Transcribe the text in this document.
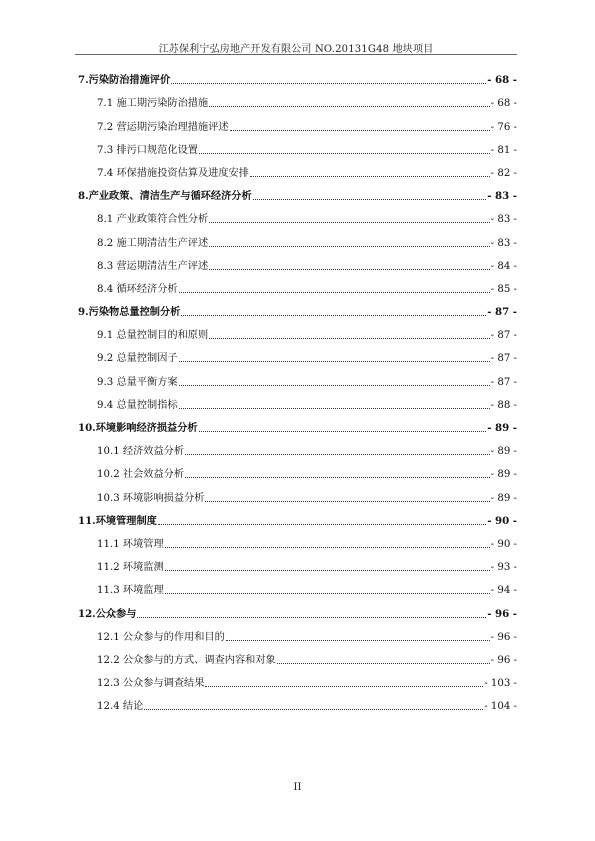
江苏保利宁弘房地产开发有限公司 NO.20131G48 地块项目
7.污染防治措施评价	- 68 -
7.1 施工期污染防治措施	- 68 -
7.2 营运期污染治理措施评述	- 76 -
7.3 排污口规范化设置	- 81 -
7.4 环保措施投资估算及进度安排	- 82 -
8.产业政策、清洁生产与循环经济分析	- 83 -
8.1 产业政策符合性分析	- 83 -
8.2 施工期清洁生产评述	- 83 -
8.3 营运期清洁生产评述	- 84 -
8.4 循环经济分析	- 85 -
9.污染物总量控制分析	- 87 -
9.1 总量控制目的和原则	- 87 -
9.2 总量控制因子	- 87 -
9.3 总量平衡方案	- 87 -
9.4 总量控制指标	- 88 -
10.环境影响经济损益分析	- 89 -
10.1 经济效益分析	- 89 -
10.2 社会效益分析	- 89 -
10.3 环境影响损益分析	- 89 -
11.环境管理制度	- 90 -
11.1 环境管理	- 90 -
11.2 环境监测	- 93 -
11.3 环境监理	- 94 -
12.公众参与	- 96 -
12.1 公众参与的作用和目的	- 96 -
12.2 公众参与的方式、调查内容和对象	- 96 -
12.3 公众参与调查结果	- 103 -
12.4 结论	- 104 -
II
